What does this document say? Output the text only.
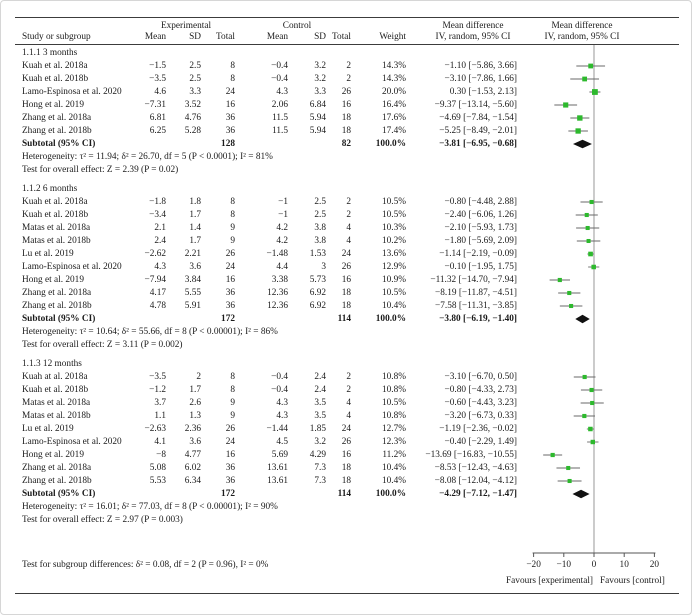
Experimental	Control	Mean difference	Mean difference
Study or subgroup	Mean	SD	Total	Mean	SD Total	Weight	IV, random, 95% CI	IV, random, 95% CI
1.1.1 3 months
Kuah et al. 2018a	−1.5	2.5	8	−0.4	3.2	2	14.3%	−1.10 [−5.86, 3.66]
Kuah et al. 2018b	−3.5	2.5	8	−0.4	3.2	2	14.3%	−3.10 [−7.86, 1.66]
Lamo-Espinosa et al. 2020	4.6	3.3	24	4.3	3.3	26	20.0%	0.30 [−1.53, 2.13]
Hong et al. 2019	−7.31	3.52	16	2.06	6.84	16	16.4%	−9.37 [−13.14, −5.60]
Zhang et al. 2018a	6.81	4.76	36	11.5	5.94	18	17.6%	−4.69 [−7.84, −1.54]
Zhang et al. 2018b	6.25	5.28	36	11.5	5.94	18	17.4%	−5.25 [−8.49, −2.01]
Subtotal (95% CI)	128	82	100.0%	−3.81 [−6.95, −0.68]
Heterogeneity: τ² = 11.94; δ² = 26.70, df = 5 (P < 0.0001); I² = 81%
Test for overall effect: Z = 2.39 (P = 0.02)
1.1.2 6 months
Kuah et al. 2018a	−1.8	1.8	8	−1	2.5	2	10.5%	−0.80 [−4.48, 2.88]
Kuah et al. 2018b	−3.4	1.7	8	−1	2.5	2	10.5%	−2.40 [−6.06, 1.26]
Matas et al. 2018a	2.1	1.4	9	4.2	3.8	4	10.3%	−2.10 [−5.93, 1.73]
Matas et al. 2018b	2.4	1.7	9	4.2	3.8	4	10.2%	−1.80 [−5.69, 2.09]
Lu et al. 2019	−2.62	2.21	26	−1.48	1.53	24	13.6%	−1.14 [−2.19, −0.09]
Lamo-Espinosa et al. 2020	4.3	3.6	24	4.4	3	26	12.9%	−0.10 [−1.95, 1.75]
Hong et al. 2019	−7.94	3.84	16	3.38	5.73	16	10.9%	−11.32 [−14.70, −7.94]
Zhang et al. 2018a	4.17	5.55	36	12.36	6.92	18	10.5%	−8.19 [−11.87, −4.51]
Zhang et al. 2018b	4.78	5.91	36	12.36	6.92	18	10.4%	−7.58 [−11.31, −3.85]
Subtotal (95% CI)	172	114	100.0%	−3.80 [−6.19, −1.40]
Heterogeneity: τ² = 10.64; δ² = 55.66, df = 8 (P < 0.00001); I² = 86%
Test for overall effect: Z = 3.11 (P = 0.002)
1.1.3 12 months
Kuah at al. 2018a	−3.5	2	8	−0.4	2.4	2	10.8%	−3.10 [−6.70, 0.50]
Kuah et al. 2018b	−1.2	1.7	8	−0.4	2.4	2	10.8%	−0.80 [−4.33, 2.73]
Matas et al. 2018a	3.7	2.6	9	4.3	3.5	4	10.5%	−0.60 [−4.43, 3.23]
Matas et al. 2018b	1.1	1.3	9	4.3	3.5	4	10.8%	−3.20 [−6.73, 0.33]
Lu et al. 2019	−2.63	2.36	26	−1.44	1.85	24	12.7%	−1.19 [−2.36, −0.02]
Lamo-Espinosa et al. 2020	4.1	3.6	24	4.5	3.2	26	12.3%	−0.40 [−2.29, 1.49]
Hong et al. 2019	−8	4.77	16	5.69	4.29	16	11.2%	−13.69 [−16.83, −10.55]
Zhang et al. 2018a	5.08	6.02	36	13.61	7.3	18	10.4%	−8.53 [−12.43, −4.63]
Zhang et al. 2018b	5.53	6.34	36	13.61	7.3	18	10.4%	−8.08 [−12.04, −4.12]
Subtotal (95% CI)	172	114	100.0%	−4.29 [−7.12, −1.47]
Heterogeneity: τ² = 16.01; δ² = 77.03, df = 8 (P < 0.00001); I² = 90%
Test for overall effect: Z = 2.97 (P = 0.003)
−20 −10 0 10 20
Test for subgroup differences: δ² = 0.08, df = 2 (P = 0.96), I² = 0%
Favours [experimental] Favours [control]
